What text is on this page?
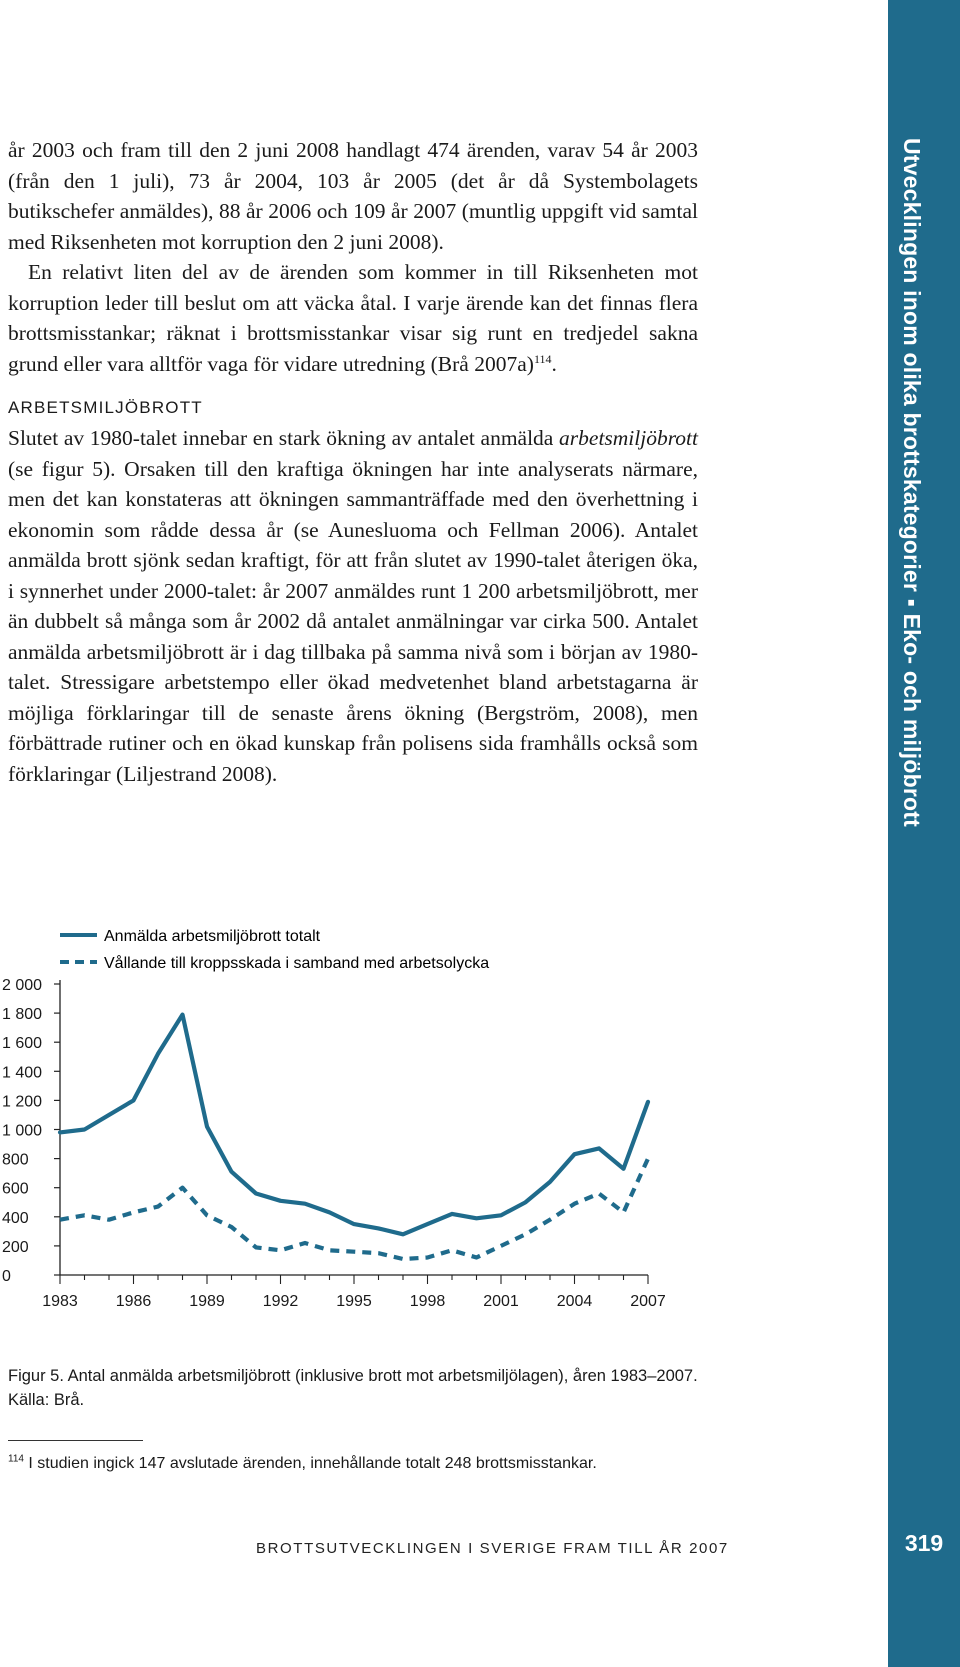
Utvecklingen inom olika brottskategorier ▪ Eko- och miljöbrott
319

år 2003 och fram till den 2 juni 2008 handlagt 474 ärenden, varav 54 år 2003 (från den 1 juli), 73 år 2004, 103 år 2005 (det år då Systembolagets butikschefer anmäldes), 88 år 2006 och 109 år 2007 (muntlig uppgift vid samtal med Riksenheten mot korruption den 2 juni 2008).

En relativt liten del av de ärenden som kommer in till Riksenheten mot korruption leder till beslut om att väcka åtal. I varje ärende kan det finnas flera brottsmisstankar; räknat i brottsmisstankar visar sig runt en tredjedel sakna grund eller vara alltför vaga för vidare utredning (Brå 2007a)$^{114}$.

ARBETSMILJÖBROTT

Slutet av 1980-talet innebar en stark ökning av antalet anmälda arbetsmiljöbrott (se figur 5). Orsaken till den kraftiga ökningen har inte analyserats närmare, men det kan konstateras att ökningen sammanträffade med den överhettning i ekonomin som rådde dessa år (se Aunesluoma och Fellman 2006). Antalet anmälda brott sjönk sedan kraftigt, för att från slutet av 1990-talet återigen öka, i synnerhet under 2000-talet: år 2007 anmäldes runt 1 200 arbetsmiljöbrott, mer än dubbelt så många som år 2002 då antalet anmälningar var cirka 500. Antalet anmälda arbetsmiljöbrott är i dag tillbaka på samma nivå som i början av 1980-talet. Stressigare arbetstempo eller ökad medvetenhet bland arbetstagarna är möjliga förklaringar till de senaste årens ökning (Bergström, 2008), men förbättrade rutiner och en ökad kunskap från polisens sida framhålls också som förklaringar (Liljestrand 2008).

Anmälda arbetsmiljöbrott totalt
Vållande till kroppsskada i samband med arbetsolycka
0
200
400
600
800
1 000
1 200
1 400
1 600
1 800
2 000
1983 1986 1989 1992 1995 1998 2001 2004 2007
Figur 5. Antal anmälda arbetsmiljöbrott (inklusive brott mot arbetsmiljölagen), åren 1983–2007. Källa: Brå.
$^{114}$ I studien ingick 147 avslutade ärenden, innehållande totalt 248 brottsmisstankar.
BROTTSUTVECKLINGEN I SVERIGE FRAM TILL ÅR 2007
